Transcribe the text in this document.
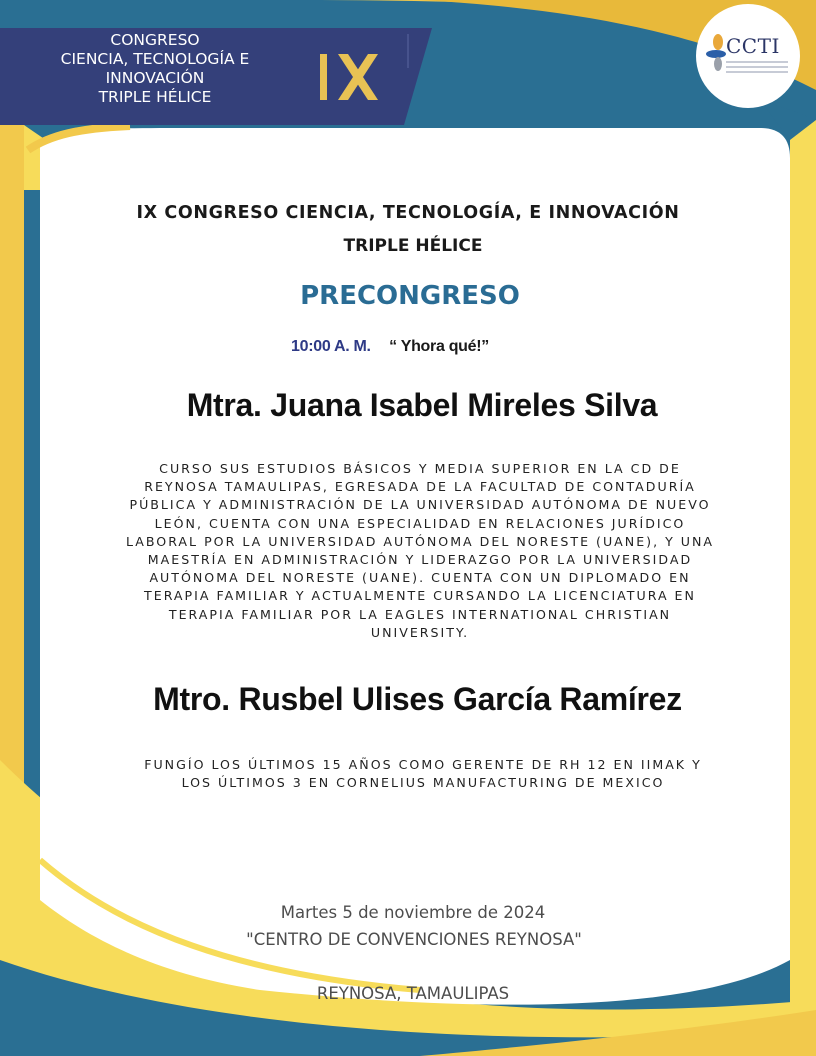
CONGRESO
CIENCIA, TECNOLOGÍA E
INNOVACIÓN
TRIPLE HÉLICE	IX
CCTI
IX CONGRESO CIENCIA, TECNOLOGÍA, E INNOVACIÓN
TRIPLE HÉLICE
PRECONGRESO
10:00 A. M. “ Yhora qué!”
Mtra. Juana Isabel Mireles Silva
CURSO SUS ESTUDIOS BÁSICOS Y MEDIA SUPERIOR EN LA CD DE REYNOSA TAMAULIPAS, EGRESADA DE LA FACULTAD DE CONTADURÍA PÚBLICA Y ADMINISTRACIÓN DE LA UNIVERSIDAD AUTÓNOMA DE NUEVO LEÓN, CUENTA CON UNA ESPECIALIDAD EN RELACIONES JURÍDICO LABORAL POR LA UNIVERSIDAD AUTÓNOMA DEL NORESTE (UANE), Y UNA MAESTRÍA EN ADMINISTRACIÓN Y LIDERAZGO POR LA UNIVERSIDAD AUTÓNOMA DEL NORESTE (UANE). CUENTA CON UN DIPLOMADO EN TERAPIA FAMILIAR Y ACTUALMENTE CURSANDO LA LICENCIATURA EN TERAPIA FAMILIAR POR LA EAGLES INTERNATIONAL CHRISTIAN UNIVERSITY.
Mtro. Rusbel Ulises García Ramírez
FUNGÍO LOS ÚLTIMOS 15 AÑOS COMO GERENTE DE RH 12 EN IIMAK Y LOS ÚLTIMOS 3 EN CORNELIUS MANUFACTURING DE MEXICO
Martes 5 de noviembre de 2024
"CENTRO DE CONVENCIONES REYNOSA"
REYNOSA, TAMAULIPAS
